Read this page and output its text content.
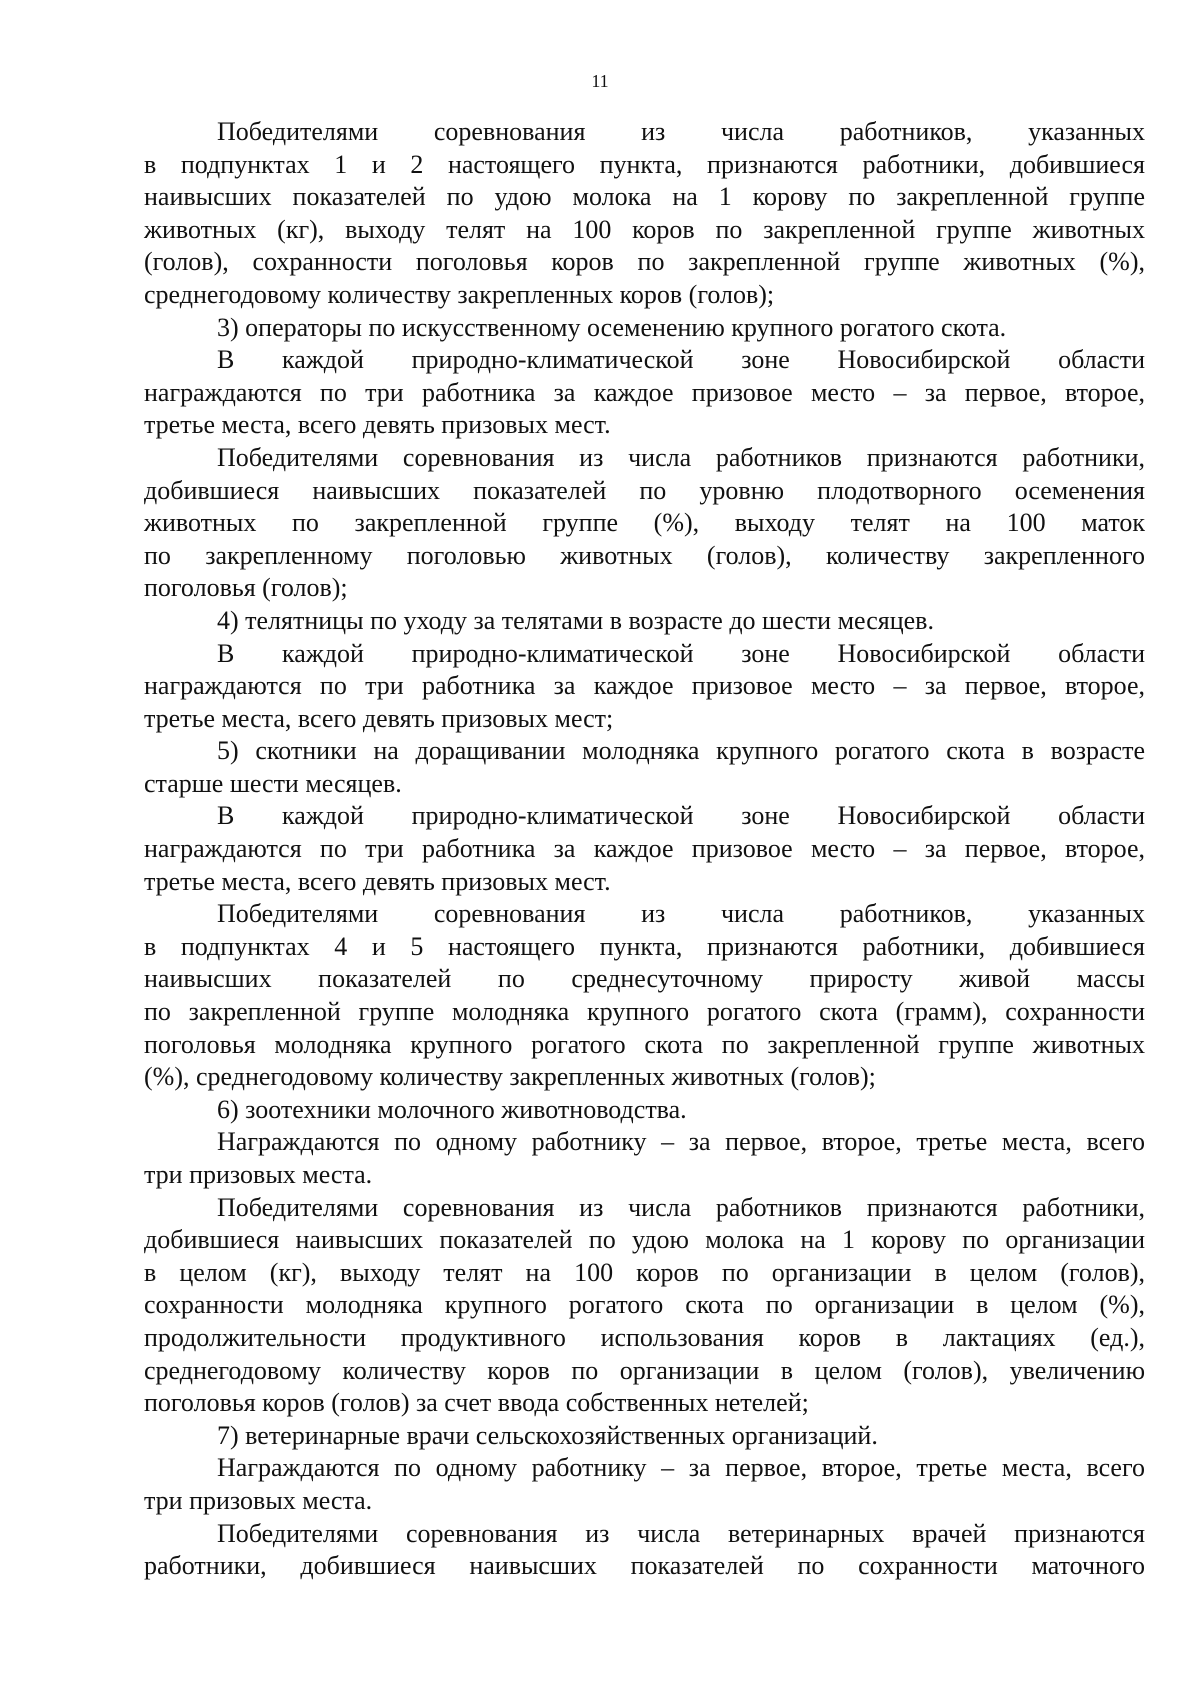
11
Победителями соревнования из числа работников, указанных
в подпунктах 1 и 2 настоящего пункта, признаются работники, добившиеся
наивысших показателей по удою молока на 1 корову по закрепленной группе
животных (кг), выходу телят на 100 коров по закрепленной группе животных
(голов), сохранности поголовья коров по закрепленной группе животных (%),
среднегодовому количеству закрепленных коров (голов);
3) операторы по искусственному осеменению крупного рогатого скота.
В каждой природно-климатической зоне Новосибирской области
награждаются по три работника за каждое призовое место – за первое, второе,
третье места, всего девять призовых мест.
Победителями соревнования из числа работников признаются работники,
добившиеся наивысших показателей по уровню плодотворного осеменения
животных по закрепленной группе (%), выходу телят на 100 маток
по закрепленному поголовью животных (голов), количеству закрепленного
поголовья (голов);
4) телятницы по уходу за телятами в возрасте до шести месяцев.
В каждой природно-климатической зоне Новосибирской области
награждаются по три работника за каждое призовое место – за первое, второе,
третье места, всего девять призовых мест;
5) скотники на доращивании молодняка крупного рогатого скота в возрасте
старше шести месяцев.
В каждой природно-климатической зоне Новосибирской области
награждаются по три работника за каждое призовое место – за первое, второе,
третье места, всего девять призовых мест.
Победителями соревнования из числа работников, указанных
в подпунктах 4 и 5 настоящего пункта, признаются работники, добившиеся
наивысших показателей по среднесуточному приросту живой массы
по закрепленной группе молодняка крупного рогатого скота (грамм), сохранности
поголовья молодняка крупного рогатого скота по закрепленной группе животных
(%), среднегодовому количеству закрепленных животных (голов);
6) зоотехники молочного животноводства.
Награждаются по одному работнику – за первое, второе, третье места, всего
три призовых места.
Победителями соревнования из числа работников признаются работники,
добившиеся наивысших показателей по удою молока на 1 корову по организации
в целом (кг), выходу телят на 100 коров по организации в целом (голов),
сохранности молодняка крупного рогатого скота по организации в целом (%),
продолжительности продуктивного использования коров в лактациях (ед.),
среднегодовому количеству коров по организации в целом (голов), увеличению
поголовья коров (голов) за счет ввода собственных нетелей;
7) ветеринарные врачи сельскохозяйственных организаций.
Награждаются по одному работнику – за первое, второе, третье места, всего
три призовых места.
Победителями соревнования из числа ветеринарных врачей признаются
работники, добившиеся наивысших показателей по сохранности маточного
